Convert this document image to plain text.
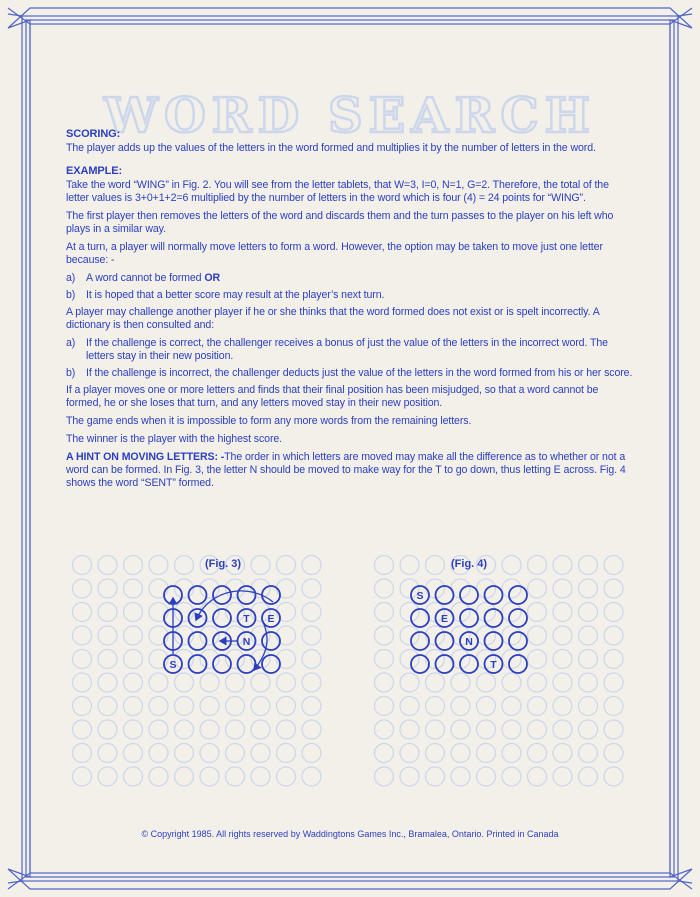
WORD SEARCH
SCORING:

The player adds up the values of the letters in the word formed and multiplies it by the number of letters in the word.

EXAMPLE:

Take the word “WING” in Fig. 2. You will see from the letter tablets, that W=3, I=0, N=1, G=2. Therefore, the total of the letter values is 3+0+1+2=6 multiplied by the number of letters in the word which is four (4) = 24 points for “WING”.

The first player then removes the letters of the word and discards them and the turn passes to the player on his left who plays in a similar way.

At a turn, a player will normally move letters to form a word. However, the option may be taken to move just one letter because: -

a)	A word cannot be formed OR
b)	It is hoped that a better score may result at the player’s next turn.

A player may challenge another player if he or she thinks that the word formed does not exist or is spelt incorrectly. A dictionary is then consulted and:

a)	If the challenge is correct, the challenger receives a bonus of just the value of the letters in the incorrect word. The letters stay in their new position.
b)	If the challenge is incorrect, the challenger deducts just the value of the letters in the word formed from his or her score.

If a player moves one or more letters and finds that their final position has been misjudged, so that a word cannot be formed, he or she loses that turn, and any letters moved stay in their new position.

The game ends when it is impossible to form any more words from the remaining letters.

The winner is the player with the highest score.

A HINT ON MOVING LETTERS: -The order in which letters are moved may make all the difference as to whether or not a word can be formed. In Fig. 3, the letter N should be moved to make way for the T to go down, thus letting E across. Fig. 4 shows the word “SENT” formed.

(Fig. 3)	(Fig. 4)
T E
N
S
S
E
N
T
© Copyright 1985. All rights reserved by Waddingtons Games Inc., Bramalea, Ontario. Printed in Canada
